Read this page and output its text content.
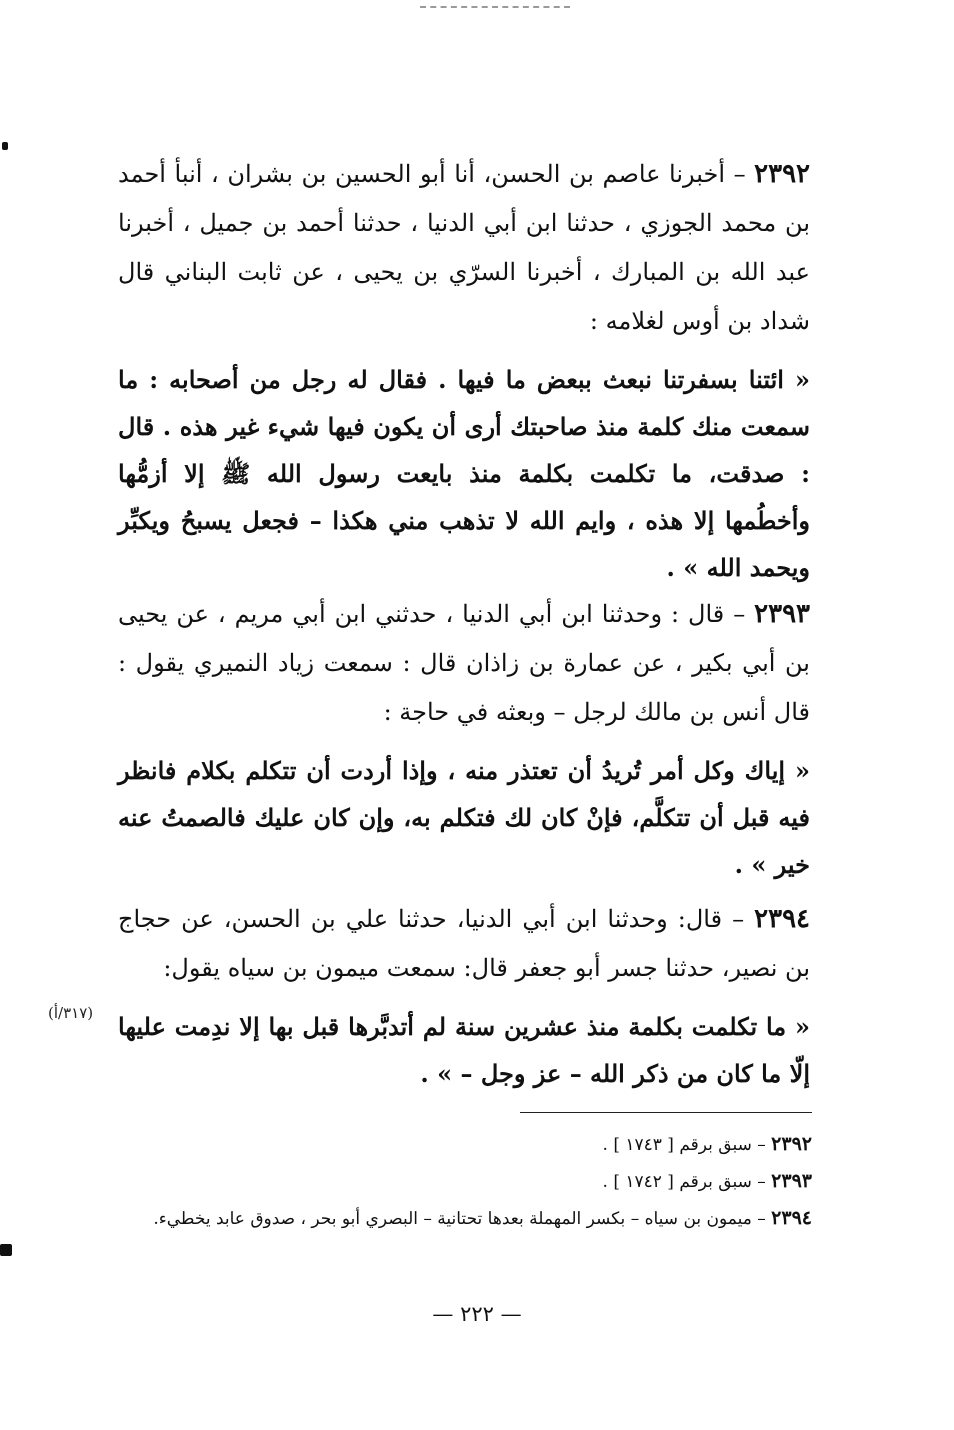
٢٣٩٢ – أخبرنا عاصم بن الحسن، أنا أبو الحسين بن بشران ، أنبأ أحمد بن محمد الجوزي ، حدثنا ابن أبي الدنيا ، حدثنا أحمد بن جميل ، أخبرنا عبد الله بن المبارك ، أخبرنا السرّي بن يحيى ، عن ثابت البناني قال شداد بن أوس لغلامه :

« ائتنا بسفرتنا نبعث ببعض ما فيها . فقال له رجل من أصحابه : ما سمعت منك كلمة منذ صاحبتك أرى أن يكون فيها شيء غير هذه . قال : صدقت، ما تكلمت بكلمة منذ بايعت رسول الله ﷺ إلا أزمُّها وأخطُمها إلا هذه ، وايم الله لا تذهب مني هكذا – فجعل يسبحُ ويكبِّر ويحمد الله » .

٢٣٩٣ – قال : وحدثنا ابن أبي الدنيا ، حدثني ابن أبي مريم ، عن يحيى بن أبي بكير ، عن عمارة بن زاذان قال : سمعت زياد النميري يقول : قال أنس بن مالك لرجل – وبعثه في حاجة :

« إياك وكل أمر تُريدُ أن تعتذر منه ، وإذا أردت أن تتكلم بكلام فانظر فيه قبل أن تتكلَّم، فإنْ كان لك فتكلم به، وإن كان عليك فالصمتُ عنه خير » .

٢٣٩٤ – قال: وحدثنا ابن أبي الدنيا، حدثنا علي بن الحسن، عن حجاج بن نصير، حدثنا جسر أبو جعفر قال: سمعت ميمون بن سياه يقول:

« ما تكلمت بكلمة منذ عشرين سنة لم أتدبَّرها قبل بها إلا ندِمت عليها إلّا ما كان من ذكر الله – عز وجل – » .

(٣١٧/أ)

٢٣٩٢ – سبق برقم [ ١٧٤٣ ] .

٢٣٩٣ – سبق برقم [ ١٧٤٢ ] .

٢٣٩٤ – ميمون بن سياه – بكسر المهملة بعدها تحتانية – البصري أبو بحر ، صدوق عابد يخطيء.

— ٢٢٢ —
